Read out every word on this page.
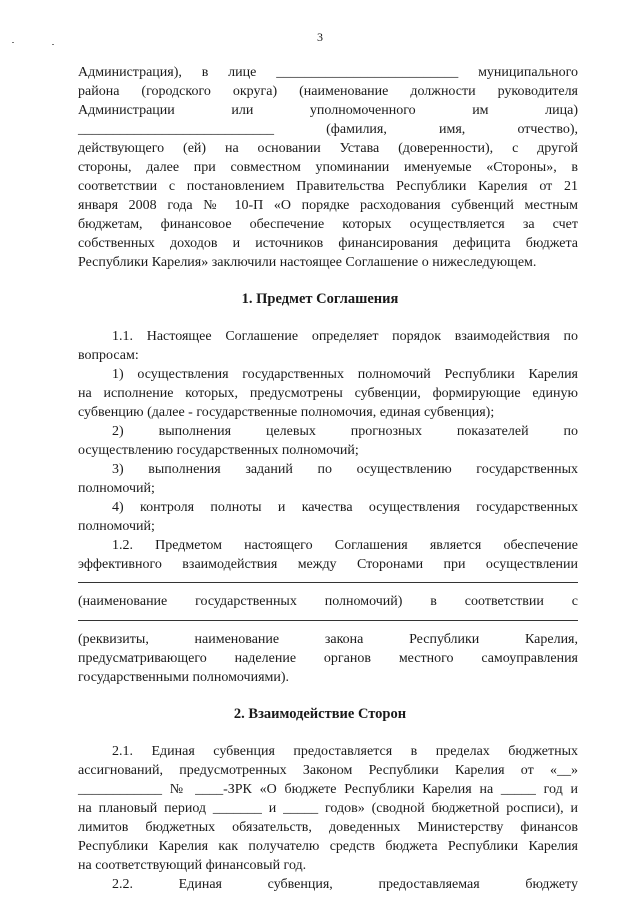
3
Администрация), в лице __________________________ муниципального
района (городского округа) (наименование должности руководителя
Администрации или уполномоченного им лица)
____________________________ (фамилия, имя, отчество),
действующего (ей) на основании Устава (доверенности), с другой
стороны, далее при совместном упоминании именуемые «Стороны», в
соответствии с постановлением Правительства Республики Карелия от 21
января 2008 года № 10-П «О порядке расходования субвенций местным
бюджетам, финансовое обеспечение которых осуществляется за счет
собственных доходов и источников финансирования дефицита бюджета
Республики Карелия» заключили настоящее Соглашение о нижеследующем.
1. Предмет Соглашения
1.1. Настоящее Соглашение определяет порядок взаимодействия по
вопросам:
1) осуществления государственных полномочий Республики Карелия
на исполнение которых, предусмотрены субвенции, формирующие единую
субвенцию (далее - государственные полномочия, единая субвенция);
2) выполнения целевых прогнозных показателей по
осуществлению государственных полномочий;
3) выполнения заданий по осуществлению государственных
полномочий;
4) контроля полноты и качества осуществления государственных
полномочий;
1.2. Предметом настоящего Соглашения является обеспечение
эффективного взаимодействия между Сторонами при осуществлении
(наименование государственных полномочий) в соответствии с
(реквизиты, наименование закона Республики Карелия,
предусматривающего наделение органов местного самоуправления
государственными полномочиями).
2. Взаимодействие Сторон
2.1. Единая субвенция предоставляется в пределах бюджетных
ассигнований, предусмотренных Законом Республики Карелия от «__»
____________ № ____-ЗРК «О бюджете Республики Карелия на _____ год и
на плановый период _______ и _____ годов» (сводной бюджетной росписи), и
лимитов бюджетных обязательств, доведенных Министерству финансов
Республики Карелия как получателю средств бюджета Республики Карелия
на соответствующий финансовый год.
2.2. Единая субвенция, предоставляемая бюджету
